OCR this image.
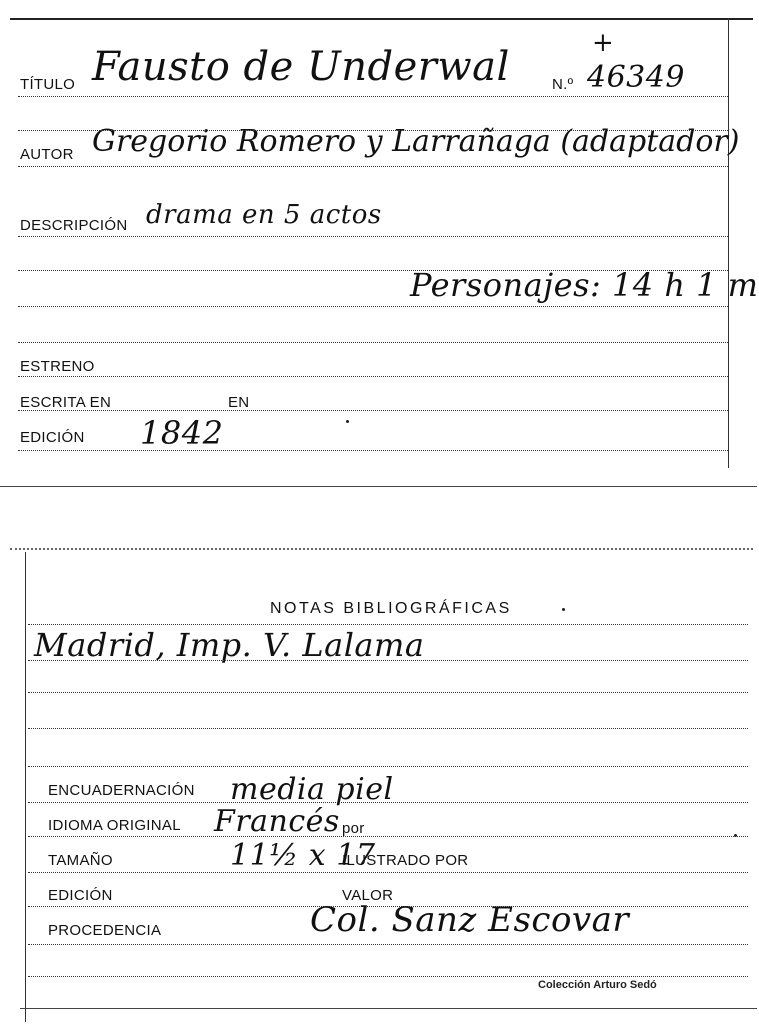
TÍTULO Fausto de Underwal
+
N.º 46349
AUTOR Gregorio Romero y Larrañaga (adaptador)
DESCRIPCIÓN drama en 5 actos
Personajes: 14 h 1 m
ESTRENO
ESCRITA EN	EN
EDICIÓN 1842
NOTAS BIBLIOGRÁFICAS
Madrid, Imp. V. Lalama
ENCUADERNACIÓN media piel
IDIOMA ORIGINAL Francés por
TAMAÑO	11½ x 17
ILUSTRADO POR
EDICIÓN	VALOR
PROCEDENCIA	Col. Sanz Escovar
Colección Arturo Sedó
